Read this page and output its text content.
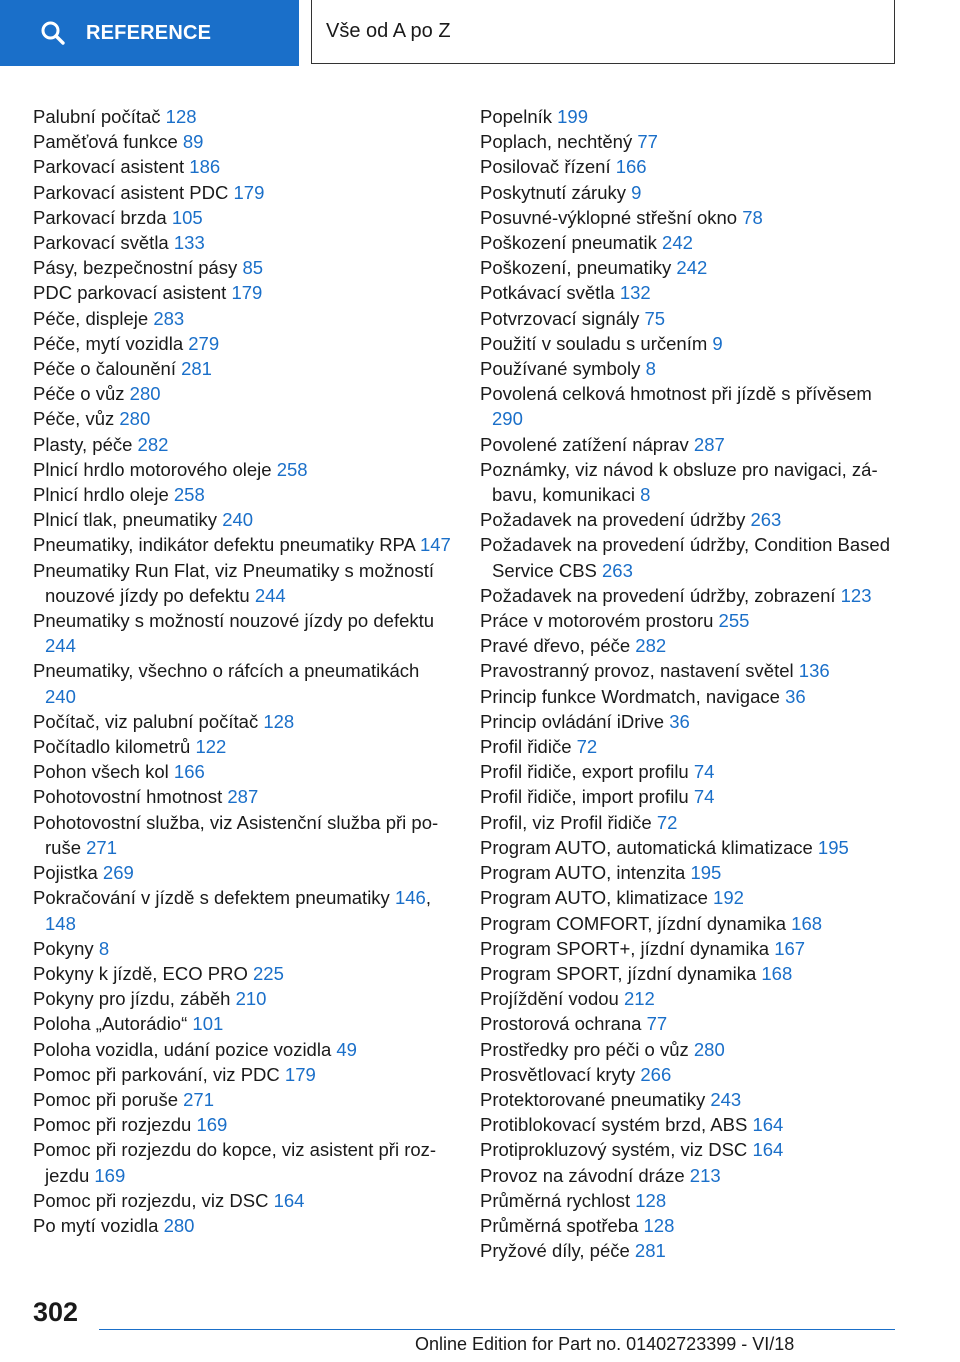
REFERENCE	Vše od A po Z

Palubní počítač 128

Paměťová funkce 89

Parkovací asistent 186

Parkovací asistent PDC 179

Parkovací brzda 105

Parkovací světla 133

Pásy, bezpečnostní pásy 85

PDC parkovací asistent 179

Péče, displeje 283

Péče, mytí vozidla 279

Péče o čalounění 281

Péče o vůz 280

Péče, vůz 280

Plasty, péče 282

Plnicí hrdlo motorového oleje 258

Plnicí hrdlo oleje 258

Plnicí tlak, pneumatiky 240

Pneumatiky, indikátor defektu pneumatiky RPA 147

Pneumatiky Run Flat, viz Pneumatiky s možností nouzové jízdy po defektu 244

Pneumatiky s možností nouzové jízdy po defektu 244

Pneumatiky, všechno o ráfcích a pneumatikách 240

Počítač, viz palubní počítač 128

Počítadlo kilometrů 122

Pohon všech kol 166

Pohotovostní hmotnost 287

Pohotovostní služba, viz Asistenční služba při poruše 271

Pojistka 269

Pokračování v jízdě s defektem pneumatiky 146, 148

Pokyny 8

Pokyny k jízdě, ECO PRO 225

Pokyny pro jízdu, záběh 210

Poloha „Autorádio“ 101

Poloha vozidla, udání pozice vozidla 49

Pomoc při parkování, viz PDC 179

Pomoc při poruše 271

Pomoc při rozjezdu 169

Pomoc při rozjezdu do kopce, viz asistent při rozjezdu 169

Pomoc při rozjezdu, viz DSC 164

Po mytí vozidla 280

Popelník 199

Poplach, nechtěný 77

Posilovač řízení 166

Poskytnutí záruky 9

Posuvné-výklopné střešní okno 78

Poškození pneumatik 242

Poškození, pneumatiky 242

Potkávací světla 132

Potvrzovací signály 75

Použití v souladu s určením 9

Používané symboly 8

Povolená celková hmotnost při jízdě s přívěsem 290

Povolené zatížení náprav 287

Poznámky, viz návod k obsluze pro navigaci, zábavu, komunikaci 8

Požadavek na provedení údržby 263

Požadavek na provedení údržby, Condition Based Service CBS 263

Požadavek na provedení údržby, zobrazení 123

Práce v motorovém prostoru 255

Pravé dřevo, péče 282

Pravostranný provoz, nastavení světel 136

Princip funkce Wordmatch, navigace 36

Princip ovládání iDrive 36

Profil řidiče 72

Profil řidiče, export profilu 74

Profil řidiče, import profilu 74

Profil, viz Profil řidiče 72

Program AUTO, automatická klimatizace 195

Program AUTO, intenzita 195

Program AUTO, klimatizace 192

Program COMFORT, jízdní dynamika 168

Program SPORT+, jízdní dynamika 167

Program SPORT, jízdní dynamika 168

Projíždění vodou 212

Prostorová ochrana 77

Prostředky pro péči o vůz 280

Prosvětlovací kryty 266

Protektorované pneumatiky 243

Protiblokovací systém brzd, ABS 164

Protiprokluzový systém, viz DSC 164

Provoz na závodní dráze 213

Průměrná rychlost 128

Průměrná spotřeba 128

Pryžové díly, péče 281

302
Online Edition for Part no. 01402723399 - VI/18
